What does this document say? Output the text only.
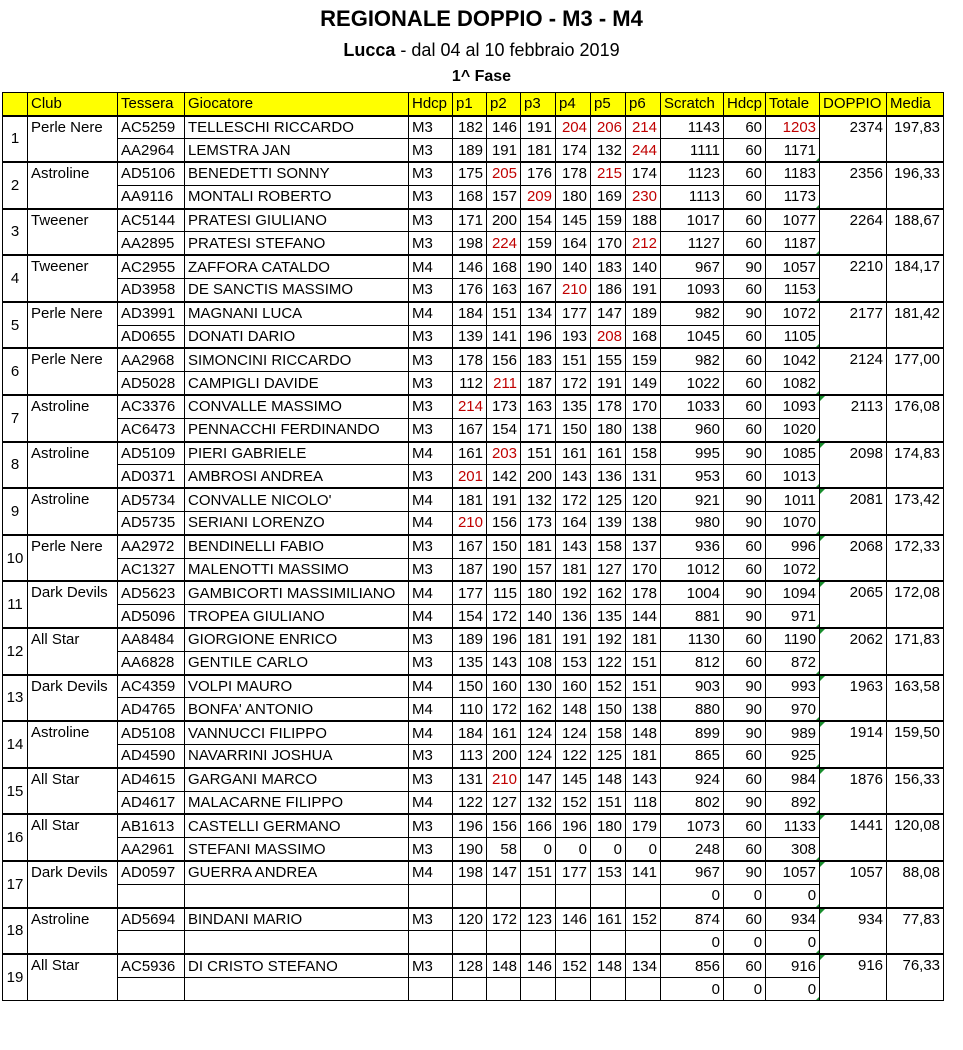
REGIONALE DOPPIO - M3 - M4
Lucca - dal 04 al 10 febbraio 2019
1^ Fase
	Club	Tessera	Giocatore	Hdcp	p1	p2	p3	p4	p5	p6	Scratch	Hdcp	Totale	DOPPIO	Media
1	Perle Nere	AC5259	TELLESCHI RICCARDO	M3	182	146	191	204	206	214	1143	60	1203	2374	197,83
		AA2964	LEMSTRA JAN	M3	189	191	181	174	132	244	1111	60	1171		
2	Astroline	AD5106	BENEDETTI SONNY	M3	175	205	176	178	215	174	1123	60	1183	2356	196,33
		AA9116	MONTALI ROBERTO	M3	168	157	209	180	169	230	1113	60	1173		
3	Tweener	AC5144	PRATESI GIULIANO	M3	171	200	154	145	159	188	1017	60	1077	2264	188,67
		AA2895	PRATESI STEFANO	M3	198	224	159	164	170	212	1127	60	1187		
4	Tweener	AC2955	ZAFFORA CATALDO	M4	146	168	190	140	183	140	967	90	1057	2210	184,17
		AD3958	DE SANCTIS MASSIMO	M3	176	163	167	210	186	191	1093	60	1153		
5	Perle Nere	AD3991	MAGNANI LUCA	M4	184	151	134	177	147	189	982	90	1072	2177	181,42
		AD0655	DONATI DARIO	M3	139	141	196	193	208	168	1045	60	1105		
6	Perle Nere	AA2968	SIMONCINI RICCARDO	M3	178	156	183	151	155	159	982	60	1042	2124	177,00
		AD5028	CAMPIGLI DAVIDE	M3	112	211	187	172	191	149	1022	60	1082		
7	Astroline	AC3376	CONVALLE MASSIMO	M3	214	173	163	135	178	170	1033	60	1093	2113	176,08
		AC6473	PENNACCHI FERDINANDO	M3	167	154	171	150	180	138	960	60	1020		
8	Astroline	AD5109	PIERI GABRIELE	M4	161	203	151	161	161	158	995	90	1085	2098	174,83
		AD0371	AMBROSI ANDREA	M3	201	142	200	143	136	131	953	60	1013		
9	Astroline	AD5734	CONVALLE NICOLO'	M4	181	191	132	172	125	120	921	90	1011	2081	173,42
		AD5735	SERIANI LORENZO	M4	210	156	173	164	139	138	980	90	1070		
10	Perle Nere	AA2972	BENDINELLI FABIO	M3	167	150	181	143	158	137	936	60	996	2068	172,33
		AC1327	MALENOTTI MASSIMO	M3	187	190	157	181	127	170	1012	60	1072		
11	Dark Devils	AD5623	GAMBICORTI MASSIMILIANO	M4	177	115	180	192	162	178	1004	90	1094	2065	172,08
		AD5096	TROPEA GIULIANO	M4	154	172	140	136	135	144	881	90	971		
12	All Star	AA8484	GIORGIONE ENRICO	M3	189	196	181	191	192	181	1130	60	1190	2062	171,83
		AA6828	GENTILE CARLO	M3	135	143	108	153	122	151	812	60	872		
13	Dark Devils	AC4359	VOLPI MAURO	M4	150	160	130	160	152	151	903	90	993	1963	163,58
		AD4765	BONFA' ANTONIO	M4	110	172	162	148	150	138	880	90	970		
14	Astroline	AD5108	VANNUCCI FILIPPO	M4	184	161	124	124	158	148	899	90	989	1914	159,50
		AD4590	NAVARRINI JOSHUA	M3	113	200	124	122	125	181	865	60	925		
15	All Star	AD4615	GARGANI MARCO	M3	131	210	147	145	148	143	924	60	984	1876	156,33
		AD4617	MALACARNE FILIPPO	M4	122	127	132	152	151	118	802	90	892		
16	All Star	AB1613	CASTELLI GERMANO	M3	196	156	166	196	180	179	1073	60	1133	1441	120,08
		AA2961	STEFANI MASSIMO	M3	190	58	0	0	0	0	248	60	308		
17	Dark Devils	AD0597	GUERRA ANDREA	M4	198	147	151	177	153	141	967	90	1057	1057	88,08
											0	0	0		
18	Astroline	AD5694	BINDANI MARIO	M3	120	172	123	146	161	152	874	60	934	934	77,83
											0	0	0		
19	All Star	AC5936	DI CRISTO STEFANO	M3	128	148	146	152	148	134	856	60	916	916	76,33
											0	0	0		
